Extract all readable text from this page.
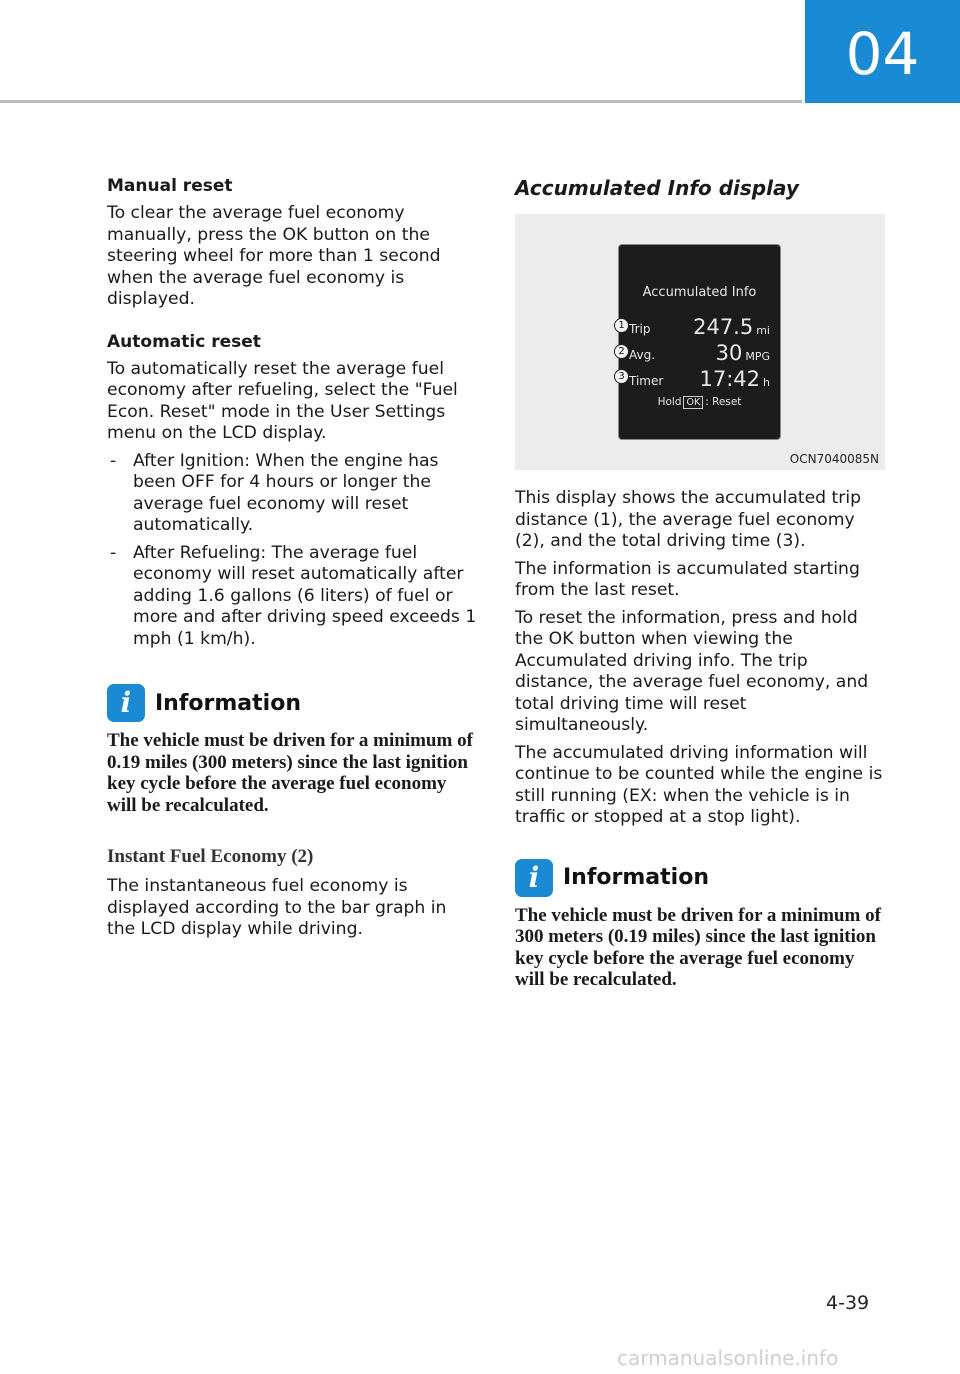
04
Manual reset

To clear the average fuel economy manually, press the OK button on the steering wheel for more than 1 second when the average fuel economy is displayed.

Automatic reset

To automatically reset the average fuel economy after refueling, select the "Fuel Econ. Reset" mode in the User Settings menu on the LCD display.

- After Ignition: When the engine has been OFF for 4 hours or longer the average fuel economy will reset automatically.
- After Refueling: The average fuel economy will reset automatically after adding 1.6 gallons (6 liters) of fuel or more and after driving speed exceeds 1 mph (1 km/h).
i Information
The vehicle must be driven for a minimum of 0.19 miles (300 meters) since the last ignition key cycle before the average fuel economy will be recalculated.
Instant Fuel Economy (2)

The instantaneous fuel economy is displayed according to the bar graph in the LCD display while driving.

Accumulated Info display
Accumulated Info
Trip 247.5 mi
Avg.	30 MPG
Timer 17:42 h
Hold OK : Reset
1
2
3
OCN7040085N

This display shows the accumulated trip distance (1), the average fuel economy (2), and the total driving time (3).

The information is accumulated starting from the last reset.

To reset the information, press and hold the OK button when viewing the Accumulated driving info. The trip distance, the average fuel economy, and total driving time will reset simultaneously.

The accumulated driving information will continue to be counted while the engine is still running (EX: when the vehicle is in traffic or stopped at a stop light).

i Information
The vehicle must be driven for a minimum of 300 meters (0.19 miles) since the last ignition key cycle before the average fuel economy will be recalculated.
4-39
carmanualsonline.info
